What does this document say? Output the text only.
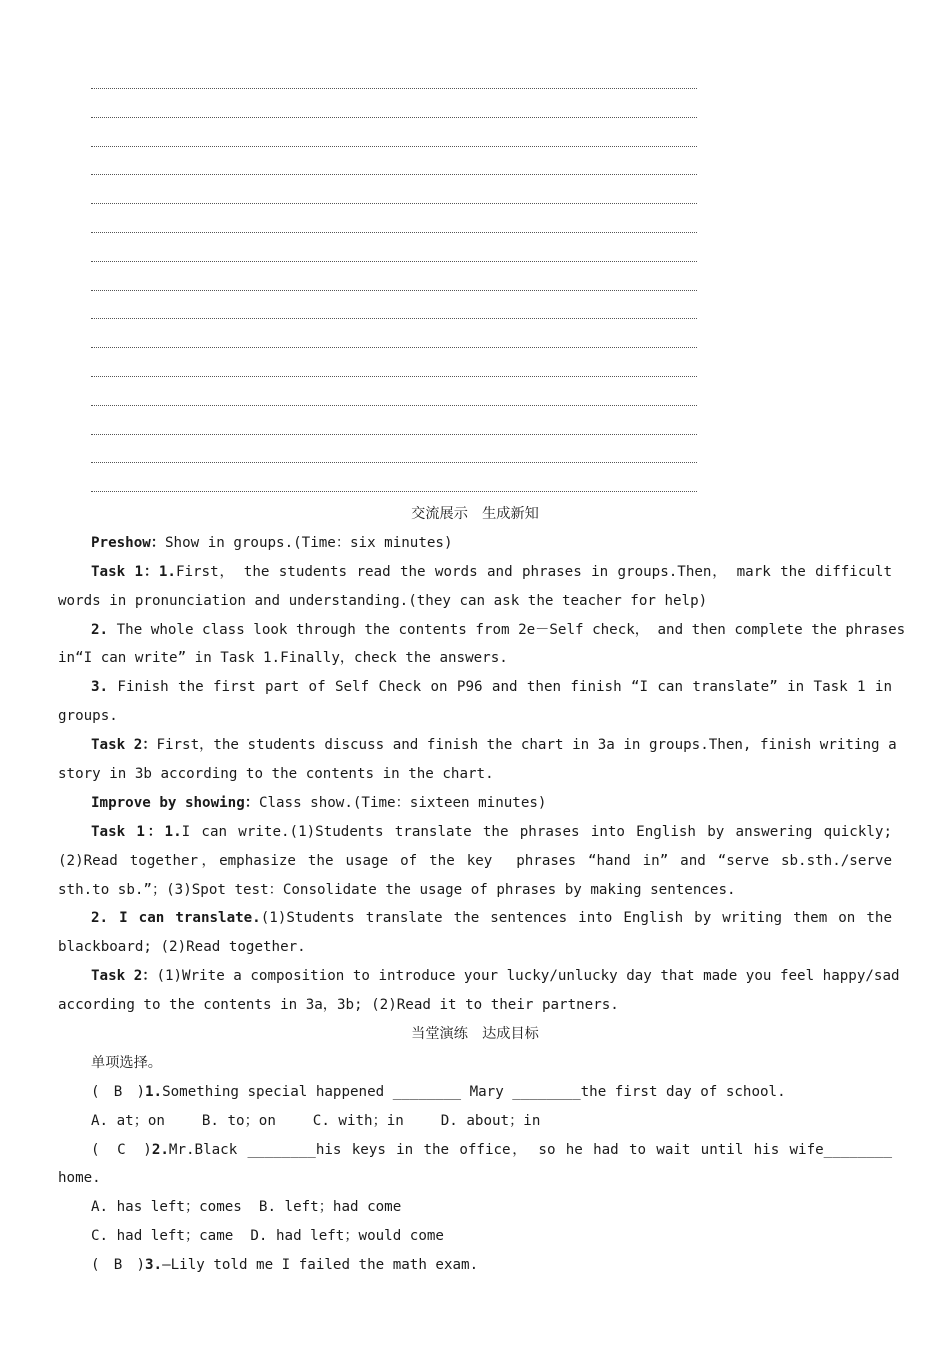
交流展示　生成新知
Preshow：Show in groups.(Time：six minutes)
Task 1：1.First， the students read the words and phrases in groups.Then， mark the difficult
words in pronunciation and understanding.(they can ask the teacher for help)
2. The whole class look through the contents from 2e－Self check， and then complete the phrases
in“I can write” in Task 1.Finally，check the answers.
3. Finish the first part of Self Check on P96 and then finish “I can translate” in Task 1 in
groups.
Task 2：First，the students discuss and finish the chart in 3a in groups.Then, finish writing a
story in 3b according to the contents in the chart.
Improve by showing：Class show.(Time：sixteen minutes)
Task 1：1.I can write.(1)Students translate the phrases into English by answering quickly;
(2)Read together，emphasize the usage of the key  phrases “hand in” and “serve sb.sth./serve
sth.to sb.”；(3)Spot test：Consolidate the usage of phrases by making sentences.
2. I can translate.(1)Students translate the sentences into English by writing them on the
blackboard; (2)Read together.
Task 2：(1)Write a composition to introduce your lucky/unlucky day that made you feel happy/sad
according to the contents in 3a，3b; (2)Read it to their partners.
当堂演练　达成目标
单项选择。
(　B　)1.Something special happened ________ Mary ________the first day of school.
A. at；on　　 B. to；on　　 C. with；in　　 D. about；in
(　C　)2.Mr.Black ________his keys in the office， so he had to wait until his wife________
home.
A. has left；comes  B. left；had come
C. had left；came  D. had left；would come
(　B　)3.—Lily told me I failed the math exam.
